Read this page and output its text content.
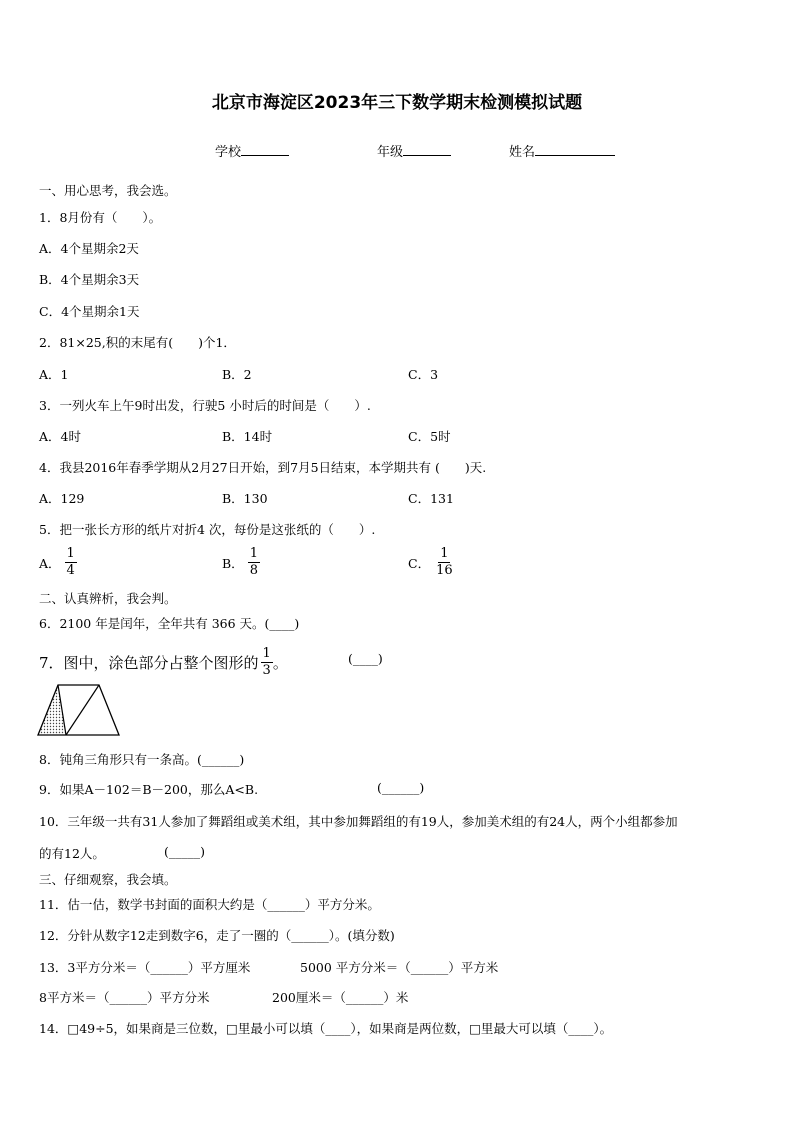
北京市海淀区2023年三下数学期末检测模拟试题
学校	年级	姓名
一、用心思考，我会选。
1．8月份有（　　）。
A．4个星期余2天
B．4个星期余3天
C．4个星期余1天
2．81×25,积的末尾有(　　)个1．
A．1	B．2	C．3
3．一列火车上午9时出发，行驶5 小时后的时间是（　　）.
A．4时	B．14时	C．5时
4．我县2016年春季学期从2月27日开始，到7月5日结束，本学期共有 (　　)天.
A．129	B．130	C．131
5．把一张长方形的纸片对折4 次，每份是这张纸的（　　）.
A． $\frac{1}{4}$	B． $\frac{1}{8}$	C． $\frac{1}{16}$
二、认真辨析，我会判。
6．2100 年是闰年，全年共有 366 天。(____)
7．图中，涂色部分占整个图形的 $\frac{1}{3}$ 。	(____)
8．钝角三角形只有一条高。(______)
9．如果A－102＝B－200，那么A<B.	(______)
10．三年级一共有31人参加了舞蹈组或美术组，其中参加舞蹈组的有19人，参加美术组的有24人，两个小组都参加
的有12人。	(_____)
三、仔细观察，我会填。
11．估一估，数学书封面的面积大约是（______）平方分米。
12．分针从数字12走到数字6，走了一圈的（______）。(填分数)
13．3平方分米＝（______）平方厘米	5000 平方分米＝（______）平方米
8平方米＝（______）平方分米	200厘米＝（______）米
14．□49÷5，如果商是三位数，□里最小可以填（____），如果商是两位数，□里最大可以填（____）。
